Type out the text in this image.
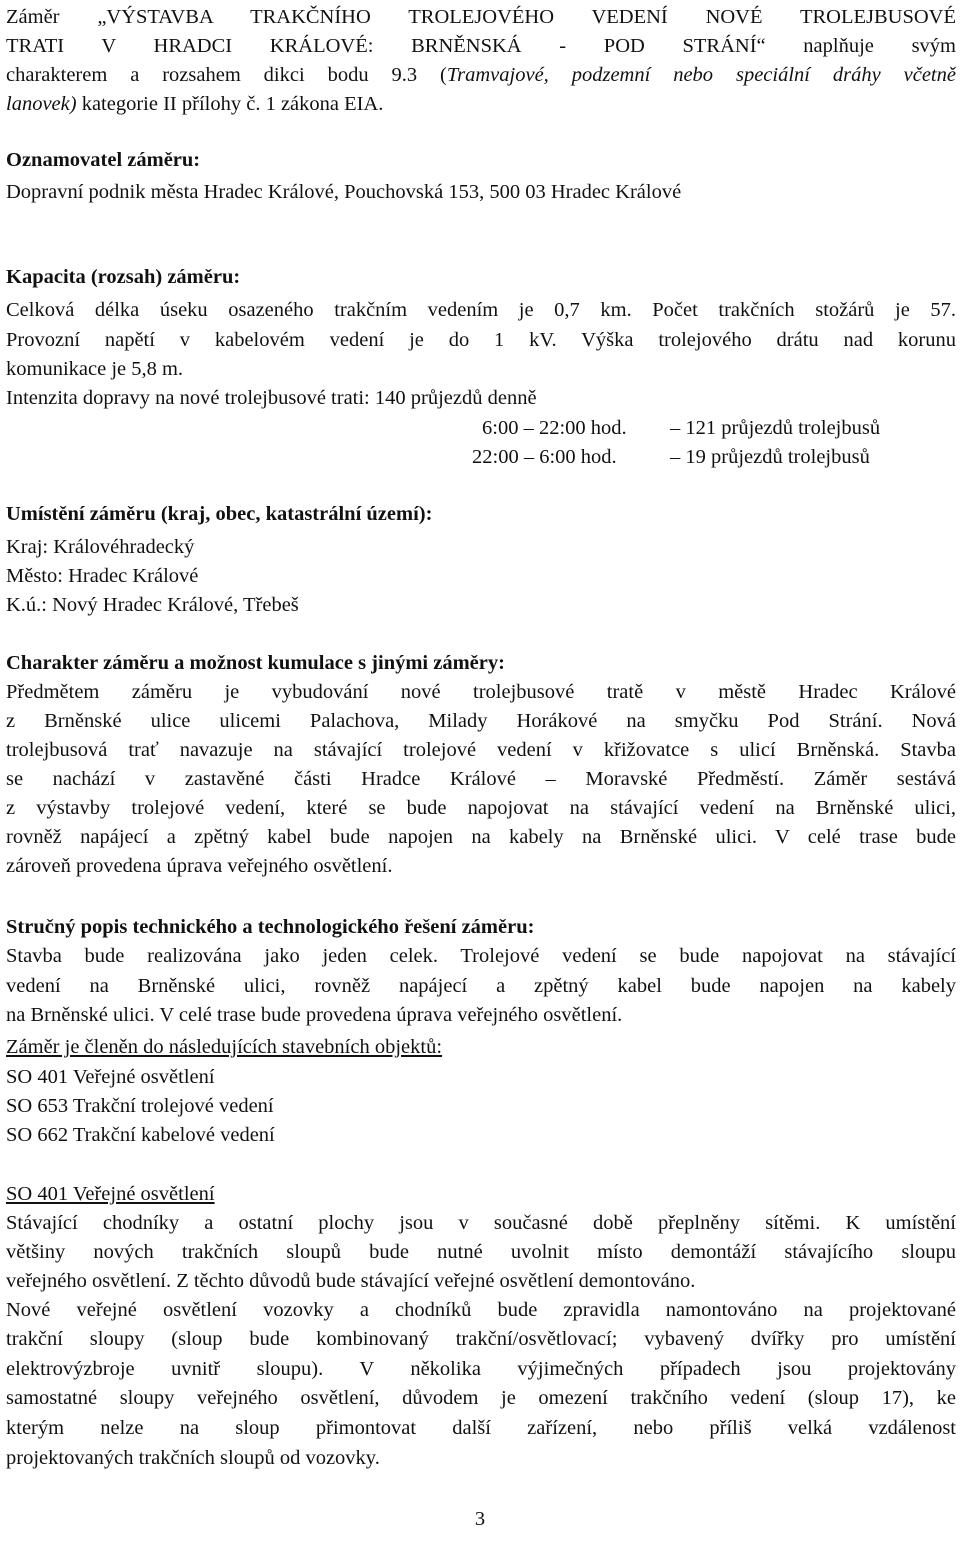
Záměr „VÝSTAVBA TRAKČNÍHO TROLEJOVÉHO VEDENÍ NOVÉ TROLEJBUSOVÉ
TRATI V HRADCI KRÁLOVÉ: BRNĚNSKÁ - POD STRÁNÍ“ naplňuje svým
charakterem a rozsahem dikci bodu 9.3 (Tramvajové, podzemní nebo speciální dráhy včetně
lanovek) kategorie II přílohy č. 1 zákona EIA.
Oznamovatel záměru:
Dopravní podnik města Hradec Králové, Pouchovská 153, 500 03 Hradec Králové
Kapacita (rozsah) záměru:
Celková délka úseku osazeného trakčním vedením je 0,7 km. Počet trakčních stožárů je 57.
Provozní napětí v kabelovém vedení je do 1 kV. Výška trolejového drátu nad korunu
komunikace je 5,8 m.
Intenzita dopravy na nové trolejbusové trati: 140 průjezdů denně
6:00 – 22:00 hod. – 121 průjezdů trolejbusů
22:00 – 6:00 hod.	– 19 průjezdů trolejbusů
Umístění záměru (kraj, obec, katastrální území):
Kraj: Královéhradecký
Město: Hradec Králové
K.ú.: Nový Hradec Králové, Třebeš
Charakter záměru a možnost kumulace s jinými záměry:
Předmětem záměru je vybudování nové trolejbusové tratě v městě Hradec Králové
z Brněnské ulice ulicemi Palachova, Milady Horákové na smyčku Pod Strání. Nová
trolejbusová trať navazuje na stávající trolejové vedení v křižovatce s ulicí Brněnská. Stavba
se nachází v zastavěné části Hradce Králové – Moravské Předměstí. Záměr sestává
z výstavby trolejové vedení, které se bude napojovat na stávající vedení na Brněnské ulici,
rovněž napájecí a zpětný kabel bude napojen na kabely na Brněnské ulici. V celé trase bude
zároveň provedena úprava veřejného osvětlení.
Stručný popis technického a technologického řešení záměru:
Stavba bude realizována jako jeden celek. Trolejové vedení se bude napojovat na stávající
vedení na Brněnské ulici, rovněž napájecí a zpětný kabel bude napojen na kabely
na Brněnské ulici. V celé trase bude provedena úprava veřejného osvětlení.
Záměr je členěn do následujících stavebních objektů:
SO 401 Veřejné osvětlení
SO 653 Trakční trolejové vedení
SO 662 Trakční kabelové vedení
SO 401 Veřejné osvětlení
Stávající chodníky a ostatní plochy jsou v současné době přeplněny sítěmi. K umístění
většiny nových trakčních sloupů bude nutné uvolnit místo demontáží stávajícího sloupu
veřejného osvětlení. Z těchto důvodů bude stávající veřejné osvětlení demontováno.
Nové veřejné osvětlení vozovky a chodníků bude zpravidla namontováno na projektované
trakční sloupy (sloup bude kombinovaný trakční/osvětlovací; vybavený dvířky pro umístění
elektrovýzbroje uvnitř sloupu). V několika výjimečných případech jsou projektovány
samostatné sloupy veřejného osvětlení, důvodem je omezení trakčního vedení (sloup 17), ke
kterým nelze na sloup přimontovat další zařízení, nebo příliš velká vzdálenost
projektovaných trakčních sloupů od vozovky.
3
